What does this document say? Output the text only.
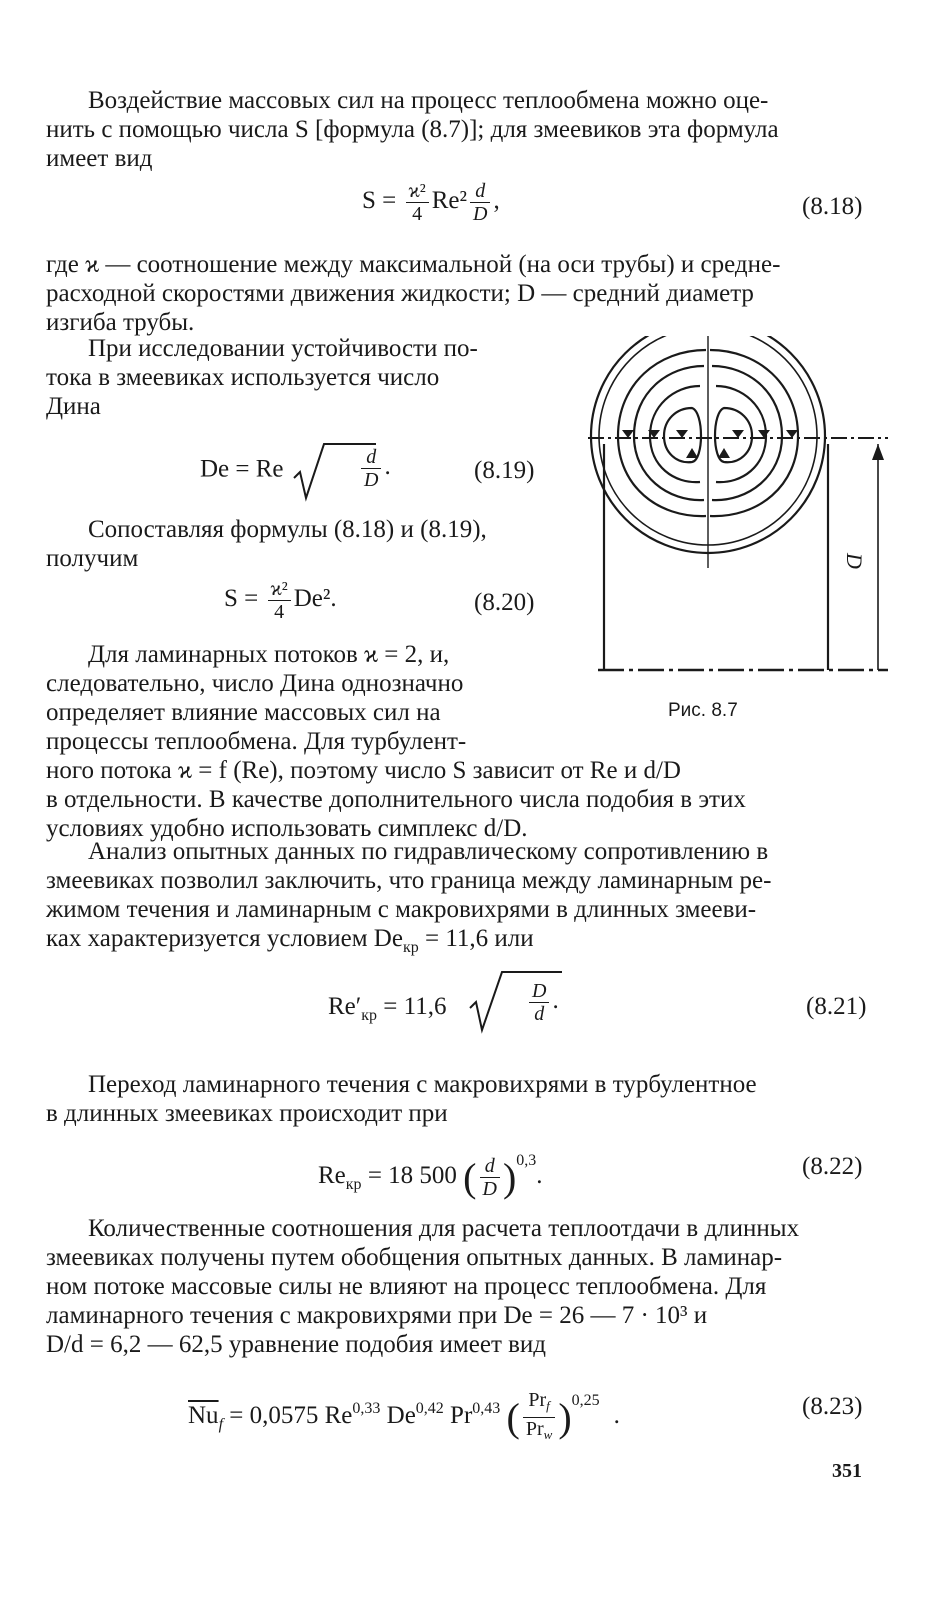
Воздействие массовых сил на процесс теплообмена можно оце-
нить с помощью числа S [формула (8.7)]; для змеевиков эта формула
имеет вид
$S = \frac{\text{ϰ²}}{4} Re^2 \frac{d}{D}$ ,	(8.18)
где ϰ — соотношение между максимальной (на оси трубы) и средне-
расходной скоростями движения жидкости; D — средний диаметр
изгиба трубы.
При исследовании устойчивости по-
тока в змеевиках используется число
Дина
De = Re	$\frac{d}{D}$ .	(8.19)
Сопоставляя формулы (8.18) и (8.19),
получим
$S = \frac{\text{ϰ²}}{4} De^2$.	(8.20)
Для ламинарных потоков ϰ = 2, и,
следовательно, число Дина однозначно
определяет влияние массовых сил на
процессы теплообмена. Для турбулент-
ного потока ϰ = f (Re), поэтому число S зависит от Re и d/D
в отдельности. В качестве дополнительного числа подобия в этих
условиях удобно использовать симплекс d/D.
D
Рис. 8.7
Анализ опытных данных по гидравлическому сопротивлению в
змеевиках позволил заключить, что граница между ламинарным ре-
жимом течения и ламинарным с макровихрями в длинных змееви-
ках характеризуется условием $De_{кр} = 11,6$ или
$Re'_{кр} = 11,6$	$\frac{D}{d}$ .	(8.21)
Переход ламинарного течения с макровихрями в турбулентное
в длинных змеевиках происходит при
$Re_{кр} = 18$ 500 ( $\frac{d}{D} )^{0,3}$.	(8.22)
Количественные соотношения для расчета теплоотдачи в длинных
змеевиках получены путем обобщения опытных данных. В ламинар-
ном потоке массовые силы не влияют на процесс теплообмена. Для
ламинарного течения с макровихрями при De = 26 — 7 · 10³ и
D/d = 6,2 — 62,5 уравнение подобия имеет вид
$\overline{Nu}_f = 0,0575$ Re$^{0,33}$ De$^{0,42}$ Pr$^{0,43}$ ( $\frac{Pr_f}{Pr_w} )^{0,25}$.	(8.23)
351
